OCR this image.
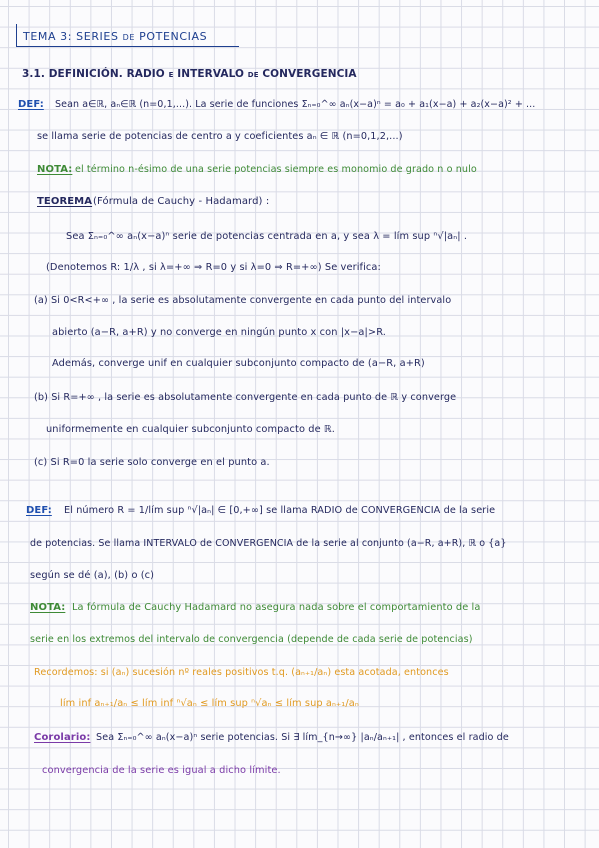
TEMA 3: SERIES de POTENCIAS
3.1. DEFINICIÓN. RADIO e INTERVALO de CONVERGENCIA
DEF: Sean a∈ℝ, aₙ∈ℝ (n=0,1,...). La serie de funciones Σₙ₌₀^∞ aₙ(x−a)ⁿ = a₀ + a₁(x−a) + a₂(x−a)² + ...
se llama serie de potencias de centro a y coeficientes aₙ ∈ ℝ (n=0,1,2,...)
NOTA: el término n-ésimo de una serie potencias siempre es monomio de grado n o nulo
TEOREMA (Fórmula de Cauchy - Hadamard) :
Sea Σₙ₌₀^∞ aₙ(x−a)ⁿ serie de potencias centrada en a, y sea λ = lím sup ⁿ√|aₙ| .
(Denotemos R: 1/λ , si λ=+∞ ⇒ R=0 y si λ=0 ⇒ R=+∞) Se verifica:
(a) Si 0<R<+∞ , la serie es absolutamente convergente en cada punto del intervalo
abierto (a−R, a+R) y no converge en ningún punto x con |x−a|>R.
Además, converge unif en cualquier subconjunto compacto de (a−R, a+R)
(b) Si R=+∞ , la serie es absolutamente convergente en cada punto de ℝ y converge
uniformemente en cualquier subconjunto compacto de ℝ.
(c) Si R=0 la serie solo converge en el punto a.
DEF: El número R = 1/lím sup ⁿ√|aₙ| ∈ [0,+∞] se llama RADIO de CONVERGENCIA de la serie
de potencias. Se llama INTERVALO de CONVERGENCIA de la serie al conjunto (a−R, a+R), ℝ o {a}
según se dé (a), (b) o (c)
NOTA: La fórmula de Cauchy Hadamard no asegura nada sobre el comportamiento de la
serie en los extremos del intervalo de convergencia (depende de cada serie de potencias)
Recordemos: si (aₙ) sucesión nº reales positivos t.q. (aₙ₊₁/aₙ) esta acotada, entonces
lím inf aₙ₊₁/aₙ ≤ lím inf ⁿ√aₙ ≤ lím sup ⁿ√aₙ ≤ lím sup aₙ₊₁/aₙ
Corolario: Sea Σₙ₌₀^∞ aₙ(x−a)ⁿ serie potencias. Si ∃ lím_{n→∞} |aₙ/aₙ₊₁| , entonces el radio de
convergencia de la serie es igual a dicho límite.
